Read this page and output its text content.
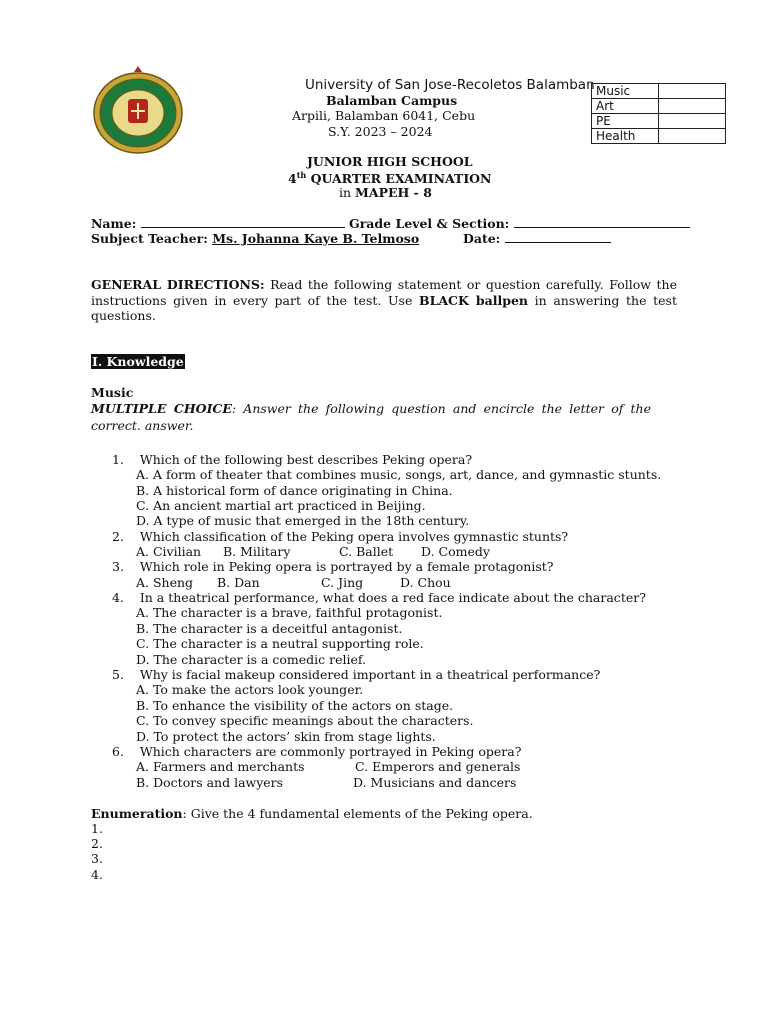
University of San Jose-Recoletos Balamban
Balamban Campus
Arpili, Balamban 6041, Cebu
S.Y. 2023 – 2024
Music	
Art	
PE	
Health	
JUNIOR HIGH SCHOOL
4th QUARTER EXAMINATION
in MAPEH - 8
Name:	Grade Level & Section:
Subject Teacher: Ms. Johanna Kaye B. Telmoso	Date:
GENERAL DIRECTIONS: Read the following statement or question carefully. Follow the instructions given in every part of the test. Use BLACK ballpen in answering the test questions.
I. Knowledge
Music
MULTIPLE CHOICE: Answer the following question and encircle the letter of the correct. answer.
1. Which of the following best describes Peking opera?
A. A form of theater that combines music, songs, art, dance, and gymnastic stunts.
B. A historical form of dance originating in China.
C. An ancient martial art practiced in Beijing.
D. A type of music that emerged in the 18th century.
2. Which classification of the Peking opera involves gymnastic stunts?
A. Civilian B. Military	C. Ballet D. Comedy
3. Which role in Peking opera is portrayed by a female protagonist?
A. Sheng B. Dan	C. Jing	D. Chou
4. In a theatrical performance, what does a red face indicate about the character?
A. The character is a brave, faithful protagonist.
B. The character is a deceitful antagonist.
C. The character is a neutral supporting role.
D. The character is a comedic relief.
5. Why is facial makeup considered important in a theatrical performance?
A. To make the actors look younger.
B. To enhance the visibility of the actors on stage.
C. To convey specific meanings about the characters.
D. To protect the actors’ skin from stage lights.
6. Which characters are commonly portrayed in Peking opera?
A. Farmers and merchants	C. Emperors and generals
B. Doctors and lawyers	D. Musicians and dancers
Enumeration: Give the 4 fundamental elements of the Peking opera.
1.
2.
3.
4.
